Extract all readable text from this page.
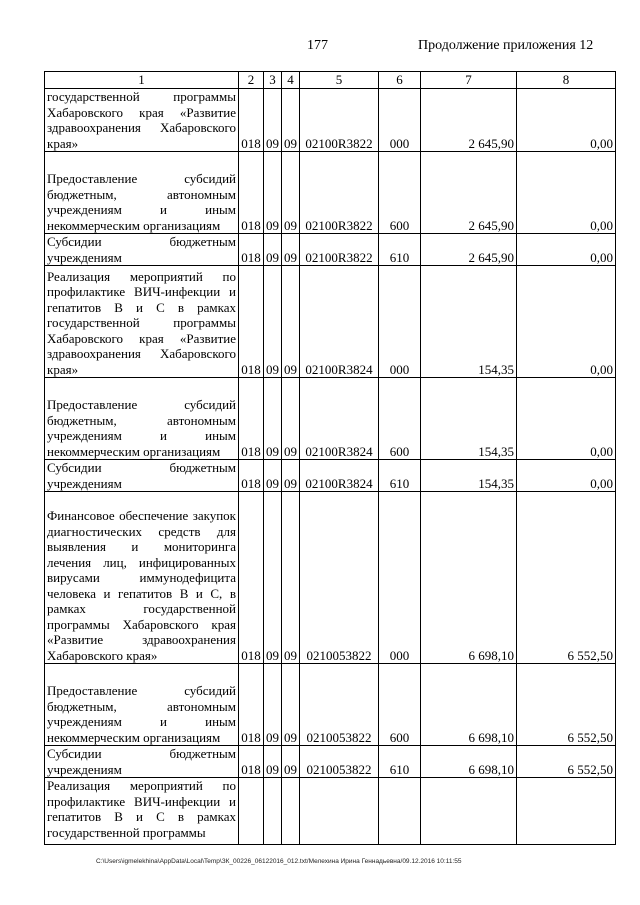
177	Продолжение приложения 12
1	2	3	4	5	6	7	8
государственной программы Хабаровского края «Развитие здравоохранения Хабаровского края»	018	09	09	02100R3822	000	2 645,90	0,00
Предоставление субсидий бюджетным, автономным учреждениям и иным некоммерческим организациям	018	09	09	02100R3822	600	2 645,90	0,00
Субсидии бюджетным учреждениям	018	09	09	02100R3822	610	2 645,90	0,00
Реализация мероприятий по профилактике ВИЧ-инфекции и гепатитов В и С в рамках государственной программы Хабаровского края «Развитие здравоохранения Хабаровского края»	018	09	09	02100R3824	000	154,35	0,00
Предоставление субсидий бюджетным, автономным учреждениям и иным некоммерческим организациям	018	09	09	02100R3824	600	154,35	0,00
Субсидии бюджетным учреждениям	018	09	09	02100R3824	610	154,35	0,00
Финансовое обеспечение закупок диагностических средств для выявления и мониторинга лечения лиц, инфицированных вирусами иммунодефицита человека и гепатитов В и С, в рамках государственной программы Хабаровского края «Развитие здравоохранения Хабаровского края»	018	09	09	0210053822	000	6 698,10	6 552,50
Предоставление субсидий бюджетным, автономным учреждениям и иным некоммерческим организациям	018	09	09	0210053822	600	6 698,10	6 552,50
Субсидии бюджетным учреждениям	018	09	09	0210053822	610	6 698,10	6 552,50
Реализация мероприятий по профилактике ВИЧ-инфекции и гепатитов В и С в рамках государственной программы							
C:\Users\igmelekhina\AppData\Local\Temp\ЗК_00226_06122016_012.txt/Мелехина Ирина Геннадьевна/09.12.2016 10:11:55
